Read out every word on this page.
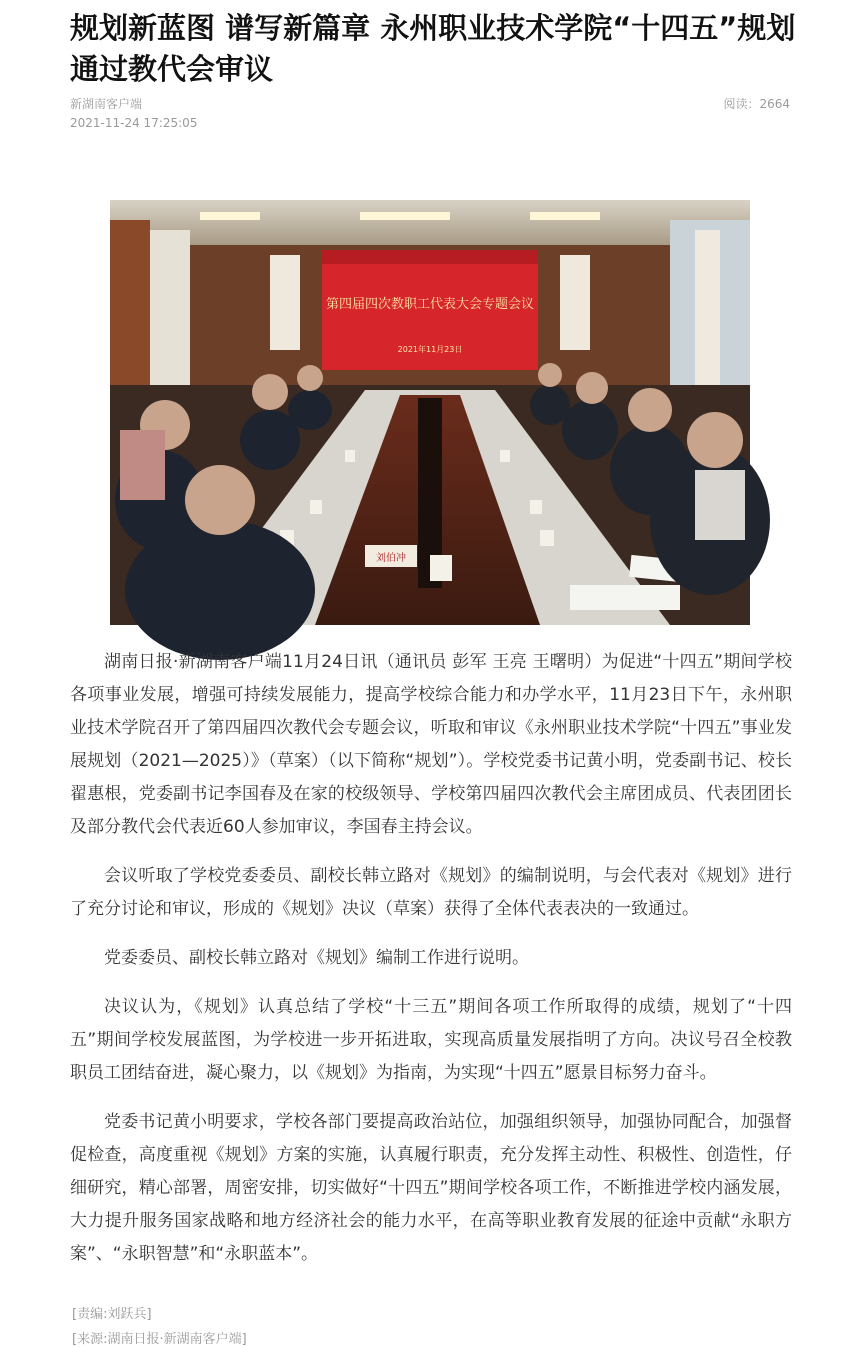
规划新蓝图 谱写新篇章 永州职业技术学院“十四五”规划通过教代会审议
新湖南客户端
2021-11-24 17:25:05
阅读：2664
第四届四次教职工代表大会专题会议
2021年11月23日
刘伯冲

湖南日报·新湖南客户端11月24日讯（通讯员 彭军 王亮 王曙明）为促进“十四五”期间学校各项事业发展，增强可持续发展能力，提高学校综合能力和办学水平，11月23日下午，永州职业技术学院召开了第四届四次教代会专题会议，听取和审议《永州职业技术学院“十四五”事业发展规划（2021—2025）》（草案）（以下简称“规划”）。学校党委书记黄小明，党委副书记、校长翟惠根，党委副书记李国春及在家的校级领导、学校第四届四次教代会主席团成员、代表团团长及部分教代会代表近60人参加审议，李国春主持会议。

会议听取了学校党委委员、副校长韩立路对《规划》的编制说明，与会代表对《规划》进行了充分讨论和审议，形成的《规划》决议（草案）获得了全体代表表决的一致通过。

党委委员、副校长韩立路对《规划》编制工作进行说明。

决议认为，《规划》认真总结了学校“十三五”期间各项工作所取得的成绩，规划了“十四五”期间学校发展蓝图，为学校进一步开拓进取，实现高质量发展指明了方向。决议号召全校教职员工团结奋进，凝心聚力，以《规划》为指南，为实现“十四五”愿景目标努力奋斗。

党委书记黄小明要求，学校各部门要提高政治站位，加强组织领导，加强协同配合，加强督促检查，高度重视《规划》方案的实施，认真履行职责，充分发挥主动性、积极性、创造性，仔细研究，精心部署，周密安排，切实做好“十四五”期间学校各项工作，不断推进学校内涵发展，大力提升服务国家战略和地方经济社会的能力水平，在高等职业教育发展的征途中贡献“永职方案”、“永职智慧”和“永职蓝本”。

[责编:刘跃兵]
[来源:湖南日报·新湖南客户端]
